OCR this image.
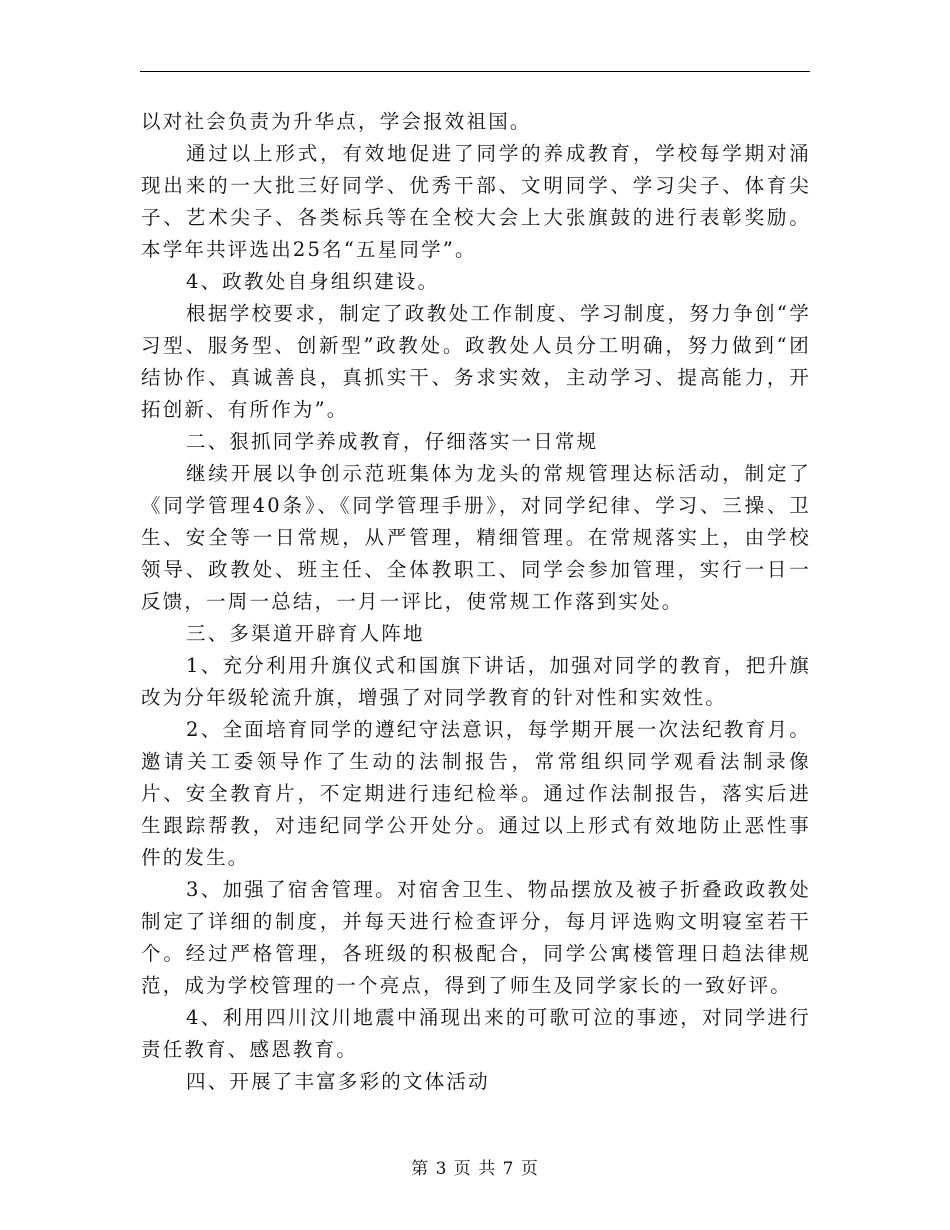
以对社会负责为升华点，学会报效祖国。

通过以上形式，有效地促进了同学的养成教育，学校每学期对涌现出来的一大批三好同学、优秀干部、文明同学、学习尖子、体育尖子、艺术尖子、各类标兵等在全校大会上大张旗鼓的进行表彰奖励。本学年共评选出25名“五星同学”。

4、政教处自身组织建设。

根据学校要求，制定了政教处工作制度、学习制度，努力争创“学习型、服务型、创新型”政教处。政教处人员分工明确，努力做到“团结协作、真诚善良，真抓实干、务求实效，主动学习、提高能力，开拓创新、有所作为”。

二、狠抓同学养成教育，仔细落实一日常规

继续开展以争创示范班集体为龙头的常规管理达标活动，制定了《同学管理40条》、《同学管理手册》，对同学纪律、学习、三操、卫生、安全等一日常规，从严管理，精细管理。在常规落实上，由学校领导、政教处、班主任、全体教职工、同学会参加管理，实行一日一反馈，一周一总结，一月一评比，使常规工作落到实处。

三、多渠道开辟育人阵地

1、充分利用升旗仪式和国旗下讲话，加强对同学的教育，把升旗改为分年级轮流升旗，增强了对同学教育的针对性和实效性。

2、全面培育同学的遵纪守法意识，每学期开展一次法纪教育月。邀请关工委领导作了生动的法制报告，常常组织同学观看法制录像片、安全教育片，不定期进行违纪检举。通过作法制报告，落实后进生跟踪帮教，对违纪同学公开处分。通过以上形式有效地防止恶性事件的发生。

3、加强了宿舍管理。对宿舍卫生、物品摆放及被子折叠政政教处制定了详细的制度，并每天进行检查评分，每月评选购文明寝室若干个。经过严格管理，各班级的积极配合，同学公寓楼管理日趋法律规范，成为学校管理的一个亮点，得到了师生及同学家长的一致好评。

4、利用四川汶川地震中涌现出来的可歌可泣的事迹，对同学进行责任教育、感恩教育。

四、开展了丰富多彩的文体活动

第 3 页 共 7 页
